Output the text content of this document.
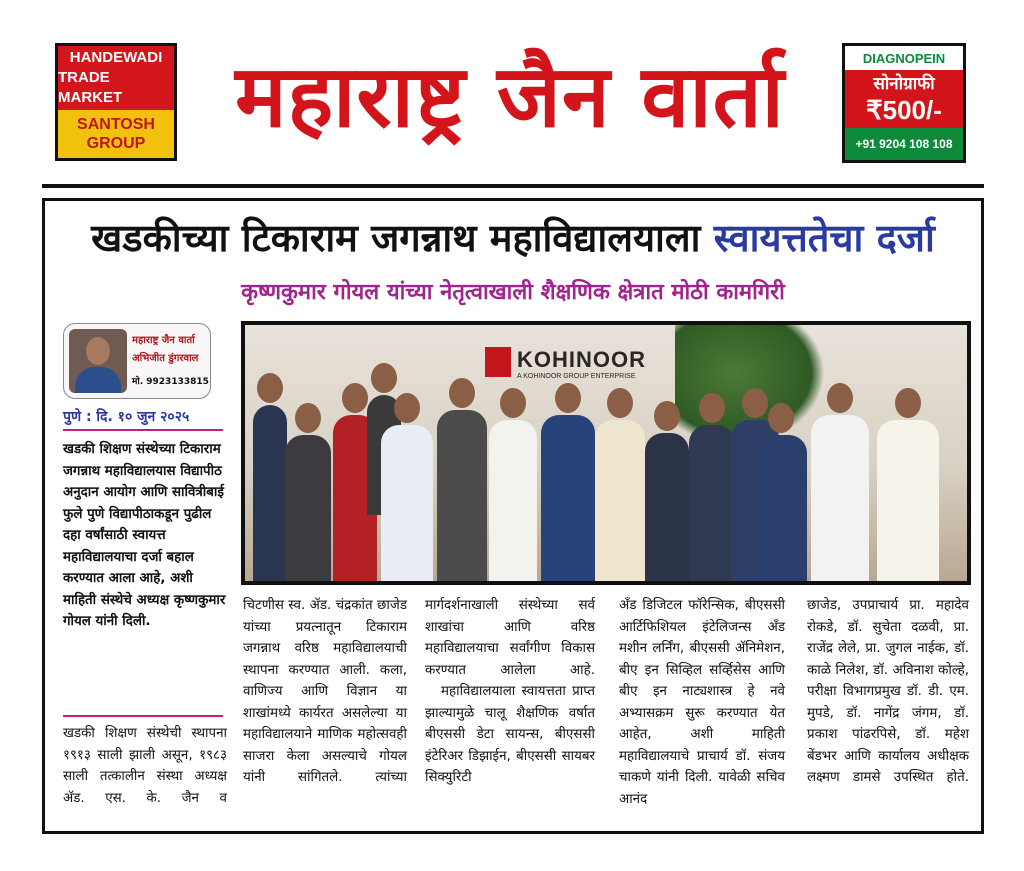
HANDEWADI
TRADE MARKET
SANTOSH
GROUP	महाराष्ट्र जैन वार्ता	DIAGNOPEIN
सोनोग्राफी
₹500/-
+91 9204 108 108
खडकीच्या टिकाराम जगन्नाथ महाविद्यालयाला स्वायत्ततेचा दर्जा
कृष्णकुमार गोयल यांच्या नेतृत्वाखाली शैक्षणिक क्षेत्रात मोठी कामगिरी
महाराष्ट्र जैन वार्ता
अभिजीत डुंगरवाल
मो. 9923133815
पुणे : दि. १० जुन २०२५
खडकी शिक्षण संस्थेच्या टिकाराम जगन्नाथ महाविद्यालयास विद्यापीठ अनुदान आयोग आणि सावित्रीबाई फुले पुणे विद्यापीठाकडून पुढील दहा वर्षांसाठी स्वायत्त महाविद्यालयाचा दर्जा बहाल करण्यात आला आहे, अशी माहिती संस्थेचे अध्यक्ष कृष्णकुमार गोयल यांनी दिली.
खडकी शिक्षण संस्थेची स्थापना १९१३ साली झाली असून, १९८३ साली तत्कालीन संस्था अध्यक्ष ॲड. एस. के. जैन व
KOHINOOR
A KOHINOOR GROUP ENTERPRISE
चिटणीस स्व. ॲड. चंद्रकांत छाजेड यांच्या प्रयत्नातून टिकाराम जगन्नाथ वरिष्ठ महाविद्यालयाची स्थापना करण्यात आली. कला, वाणिज्य आणि विज्ञान या शाखांमध्ये कार्यरत असलेल्या या महाविद्यालयाने माणिक महोत्सवही साजरा केला असल्याचे गोयल यांनी सांगितले. त्यांच्या

मार्गदर्शनाखाली संस्थेच्या सर्व शाखांचा आणि वरिष्ठ महाविद्यालयाचा सर्वांगीण विकास करण्यात आलेला आहे.

महाविद्यालयाला स्वायत्तता प्राप्त झाल्यामुळे चालू शैक्षणिक वर्षात बीएससी डेटा सायन्स, बीएससी इंटेरिअर डिझाईन, बीएससी सायबर सिक्युरिटी

ॲंड डिजिटल फॉरेन्सिक, बीएससी आर्टिफिशियल इंटेलिजन्स ॲंड मशीन लर्निंग, बीएससी ॲनिमेशन, बीए इन सिव्हिल सर्व्हिसेस आणि बीए इन नाट्यशास्त्र हे नवे अभ्यासक्रम सुरू करण्यात येत आहेत, अशी माहिती महाविद्यालयाचे प्राचार्य डॉ. संजय चाकणे यांनी दिली. यावेळी सचिव आनंद
छाजेड, उपप्राचार्य प्रा. महादेव रोकडे, डॉ. सुचेता दळवी, प्रा. राजेंद्र लेले, प्रा. जुगल नाईक, डॉ. काळे निलेश, डॉ. अविनाश कोल्हे, परीक्षा विभागप्रमुख डॉ. डी. एम. मुपडे, डॉ. नागेंद्र जंगम, डॉ. प्रकाश पांढरपिसे, डॉ. महेश बेंडभर आणि कार्यालय अधीक्षक लक्ष्मण डामसे उपस्थित होते.
